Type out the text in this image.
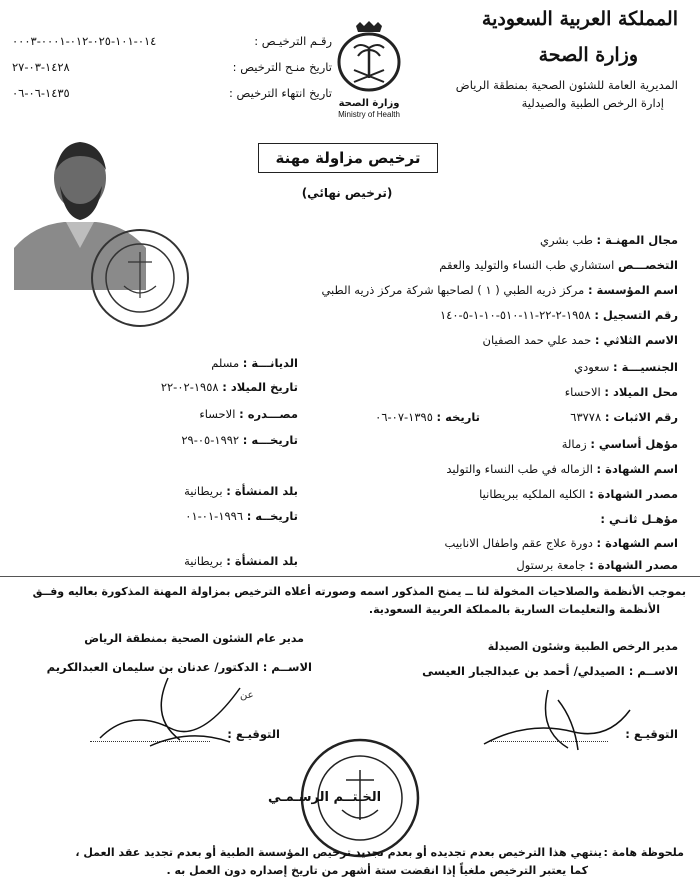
المملكة العربية السعودية
وزارة الصحة
المديرية العامة للشئون الصحية بمنطقة الرياض
إدارة الرخص الطبية والصيدلية
وزارة الصحة
Ministry of Health
رقـم الترخيـص :
٠١٤-١٠١-٠٢٥-٠١٢-٠٠٠١-٠٠٠٣
تاريخ منـح الترخيص :
١٤٢٨-٠٣-٢٧
تاريخ انتهاء الترخيص :
١٤٣٥-٠٦-٠٦
ترخيص مزاولة مهنة
(ترخيص نهائي)
مجال المهنـة : طب بشري
التخصـــص استشاري طب النساء والتوليد والعقم
اسم المؤسسة : مركز ذريه الطبي ( ١ ) لصاحبها شركة مركز ذريه الطبي
رقم التسجيل : ١٩٥٨-٢-٢٢-١١-٥١٠-١٠-١-٥-١٤٠
الاسم الثلاثي : حمد علي حمد الصفيان
الجنسيـــة : سعودي
الديانـــة : مسلم
محل الميلاد : الاحساء
تاريخ الميلاد : ١٩٥٨-٠٢-٢٢
رقم الاثبات : ٦٣٧٧٨
تاريخه : ١٣٩٥-٠٧-٠٦
مصـــدره : الاحساء
تاريخـــه : ١٩٩٢-٠٥-٢٩	مؤهل أساسي : زمالة
اسم الشهادة : الزماله في طب النساء والتوليد
مصدر الشهادة : الكليه الملكيه ببريطانيا
بلد المنشأة : بريطانية
تاريخــه : ١٩٩٦-٠١-٠١	مؤهـل ثانـي :
اسم الشهادة : دورة علاج عقم واطفال الانابيب
مصدر الشهادة : جامعة برستول
بلد المنشأة : بريطانية
بموجب الأنظمة والصلاحيات المخولة لنا ــ يمنح المذكور اسمه وصورته أعلاه الترخيص بمزاولة المهنة المذكورة بعاليه وفــق
الأنظمة والتعليمات السارية بالمملكة العربية السعودية.
مدير الرخص الطبية وشئون الصيدلة
الاســم : الصيدلي/ أحمد بن عبدالجبار العيسى
التوقيـع :
مدير عام الشئون الصحية بمنطقة الرياض
الاســم : الدكتور/ عدنان بن سليمان العبدالكريم
التوقيـع :
عن
الخـتــم الرسـمـي
ملحوظة هامة :
ينتهي هذا الترخيص بعدم تجديده أو بعدم تجديد ترخيص المؤسسة الطبية أو بعدم تجديد عقد العمل ،
كما يعتبر الترخيص ملغياً إذا انقضت ستة أشهر من تاريخ إصداره دون العمل به .
